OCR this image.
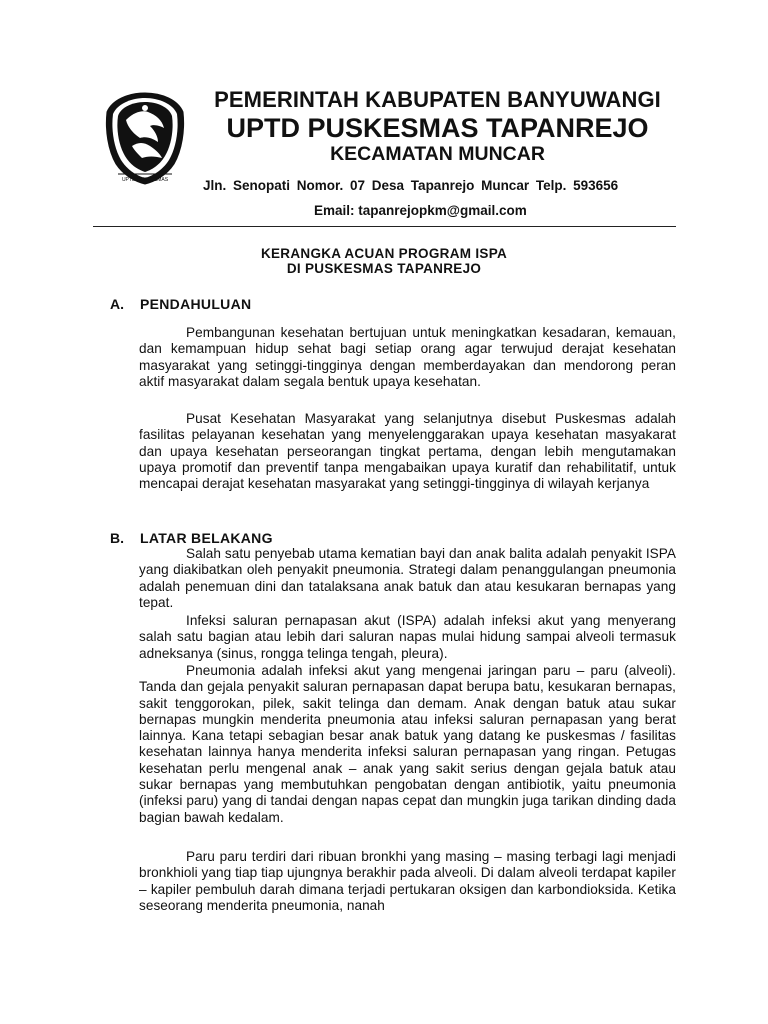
UPTD PUSKESMAS
PEMERINTAH KABUPATEN BANYUWANGI
UPTD PUSKESMAS TAPANREJO
KECAMATAN MUNCAR
Jln. Senopati Nomor. 07 Desa Tapanrejo Muncar Telp. 593656
Email: tapanrejopkm@gmail.com
KERANGKA ACUAN PROGRAM ISPA
DI PUSKESMAS TAPANREJO
A. PENDAHULUAN

Pembangunan kesehatan bertujuan untuk meningkatkan kesadaran, kemauan, dan kemampuan hidup sehat bagi setiap orang agar terwujud derajat kesehatan masyarakat yang setinggi-tingginya dengan memberdayakan dan mendorong peran aktif masyarakat dalam segala bentuk upaya kesehatan.

Pusat Kesehatan Masyarakat yang selanjutnya disebut Puskesmas adalah fasilitas pelayanan kesehatan yang menyelenggarakan upaya kesehatan masyakarat dan upaya kesehatan perseorangan tingkat pertama, dengan lebih mengutamakan upaya promotif dan preventif tanpa mengabaikan upaya kuratif dan rehabilitatif, untuk mencapai derajat kesehatan masyarakat yang setinggi-tingginya di wilayah kerjanya

B. LATAR BELAKANG

Salah satu penyebab utama kematian bayi dan anak balita adalah penyakit ISPA yang diakibatkan oleh penyakit pneumonia. Strategi dalam penanggulangan pneumonia adalah penemuan dini dan tatalaksana anak batuk dan atau kesukaran bernapas yang tepat.

Infeksi saluran pernapasan akut (ISPA) adalah infeksi akut yang menyerang salah satu bagian atau lebih dari saluran napas mulai hidung sampai alveoli termasuk adneksanya (sinus, rongga telinga tengah, pleura).

Pneumonia adalah infeksi akut yang mengenai jaringan paru – paru (alveoli). Tanda dan gejala penyakit saluran pernapasan dapat berupa batu, kesukaran bernapas, sakit tenggorokan, pilek, sakit telinga dan demam. Anak dengan batuk atau sukar bernapas mungkin menderita pneumonia atau infeksi saluran pernapasan yang berat lainnya. Kana tetapi sebagian besar anak batuk yang datang ke puskesmas / fasilitas kesehatan lainnya hanya menderita infeksi saluran pernapasan yang ringan. Petugas kesehatan perlu mengenal anak – anak yang sakit serius dengan gejala batuk atau sukar bernapas yang membutuhkan pengobatan dengan antibiotik, yaitu pneumonia (infeksi paru) yang di tandai dengan napas cepat dan mungkin juga tarikan dinding dada bagian bawah kedalam.

Paru paru terdiri dari ribuan bronkhi yang masing – masing terbagi lagi menjadi bronkhioli yang tiap tiap ujungnya berakhir pada alveoli. Di dalam alveoli terdapat kapiler – kapiler pembuluh darah dimana terjadi pertukaran oksigen dan karbondioksida. Ketika seseorang menderita pneumonia, nanah
